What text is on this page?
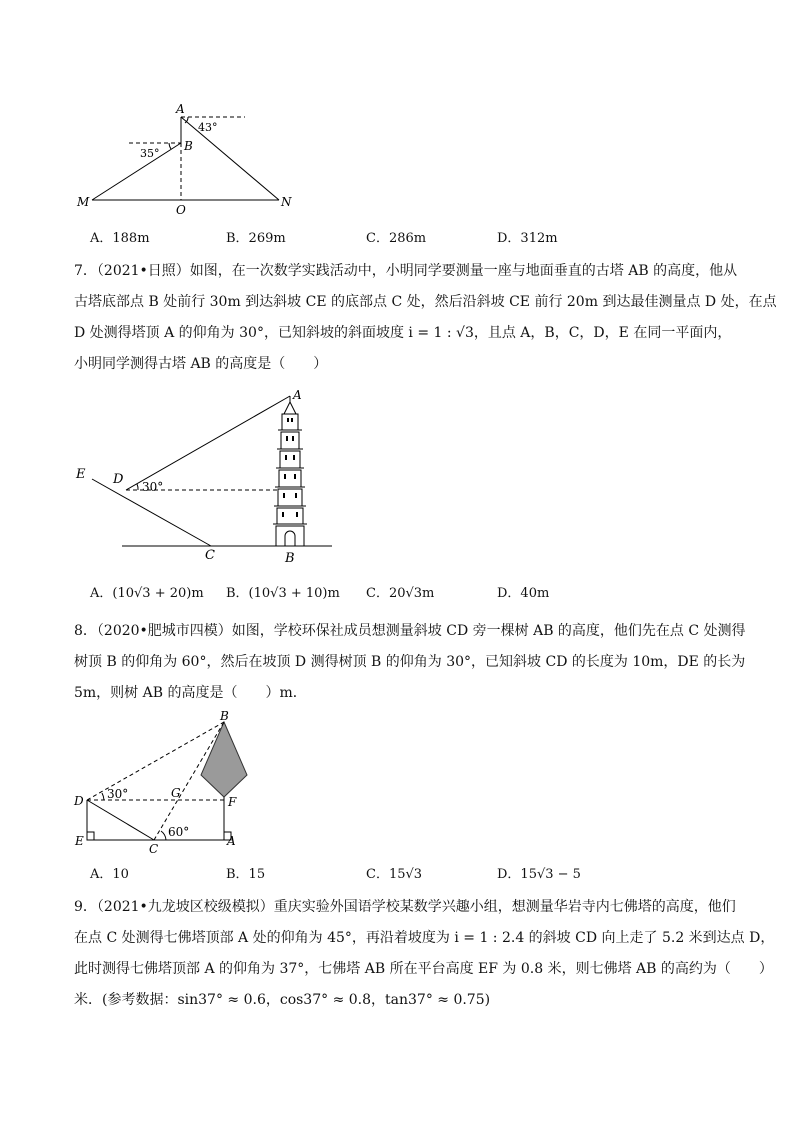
A
B
M
O
N
43°
35°
A．188m	B．269m	C．286m	D．312m
7．（2021•日照）如图，在一次数学实践活动中，小明同学要测量一座与地面垂直的古塔 AB 的高度，他从
古塔底部点 B 处前行 30m 到达斜坡 CE 的底部点 C 处，然后沿斜坡 CE 前行 20m 到达最佳测量点 D 处，在点
D 处测得塔顶 A 的仰角为 30°，已知斜坡的斜面坡度 i = 1 : √3，且点 A，B，C，D，E 在同一平面内，
小明同学测得古塔 AB 的高度是（　　）
A
E D 30°
C	B
A．(10√3 + 20)m B．(10√3 + 10)m C．20√3m	D．40m
8．（2020•肥城市四模）如图，学校环保社成员想测量斜坡 CD 旁一棵树 AB 的高度，他们先在点 C 处测得
树顶 B 的仰角为 60°，然后在坡顶 D 测得树顶 B 的仰角为 30°，已知斜坡 CD 的长度为 10m，DE 的长为
5m，则树 AB 的高度是（　　）m．
B
D 30°	G
F
E
C
60°
A
A．10	B．15	C．15√3	D．15√3 − 5
9．（2021•九龙坡区校级模拟）重庆实验外国语学校某数学兴趣小组，想测量华岩寺内七佛塔的高度，他们
在点 C 处测得七佛塔顶部 A 处的仰角为 45°，再沿着坡度为 i = 1 : 2.4 的斜坡 CD 向上走了 5.2 米到达点 D，
此时测得七佛塔顶部 A 的仰角为 37°，七佛塔 AB 所在平台高度 EF 为 0.8 米，则七佛塔 AB 的高约为（　　）
米．(参考数据：sin37° ≈ 0.6，cos37° ≈ 0.8，tan37° ≈ 0.75)
